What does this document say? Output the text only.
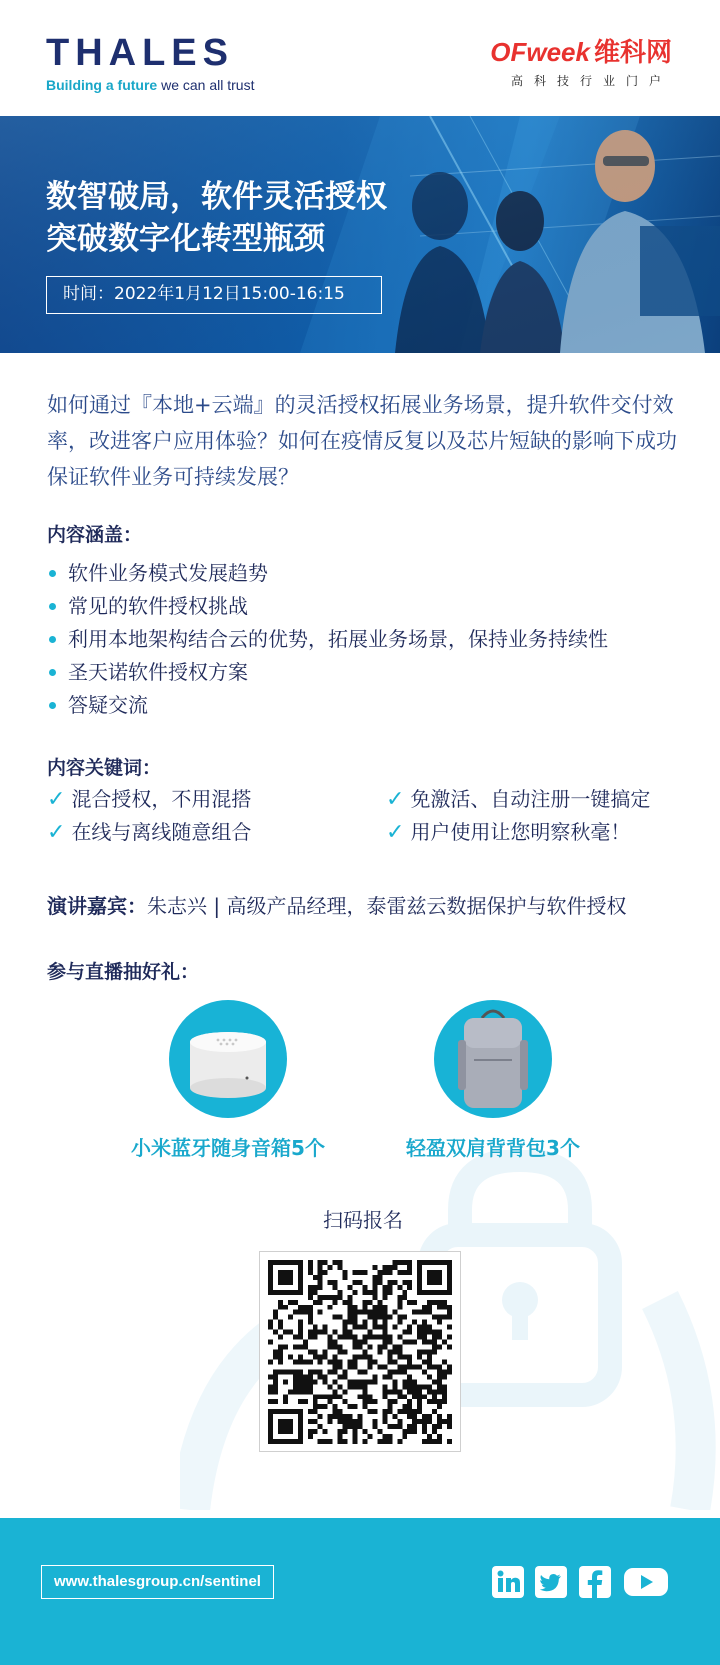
THALES
Building a future we can all trust
OFweek 维科网
高科技行业门户
数智破局，软件灵活授权
突破数字化转型瓶颈
时间：2022年1月12日15:00-16:15

如何通过『本地+云端』的灵活授权拓展业务场景，提升软件交付效率，改进客户应用体验？如何在疫情反复以及芯片短缺的影响下成功保证软件业务可持续发展？

内容涵盖：
软件业务模式发展趋势
常见的软件授权挑战
利用本地架构结合云的优势，拓展业务场景，保持业务持续性
圣天诺软件授权方案
答疑交流
内容关键词：
✓ 混合授权，不用混搭	✓ 免激活、自动注册一键搞定
✓ 在线与离线随意组合	✓ 用户使用让您明察秋毫！
演讲嘉宾：朱志兴 | 高级产品经理，泰雷兹云数据保护与软件授权
参与直播抽好礼：
小米蓝牙随身音箱5个	轻盈双肩背背包3个
扫码报名
www.thalesgroup.cn/sentinel
